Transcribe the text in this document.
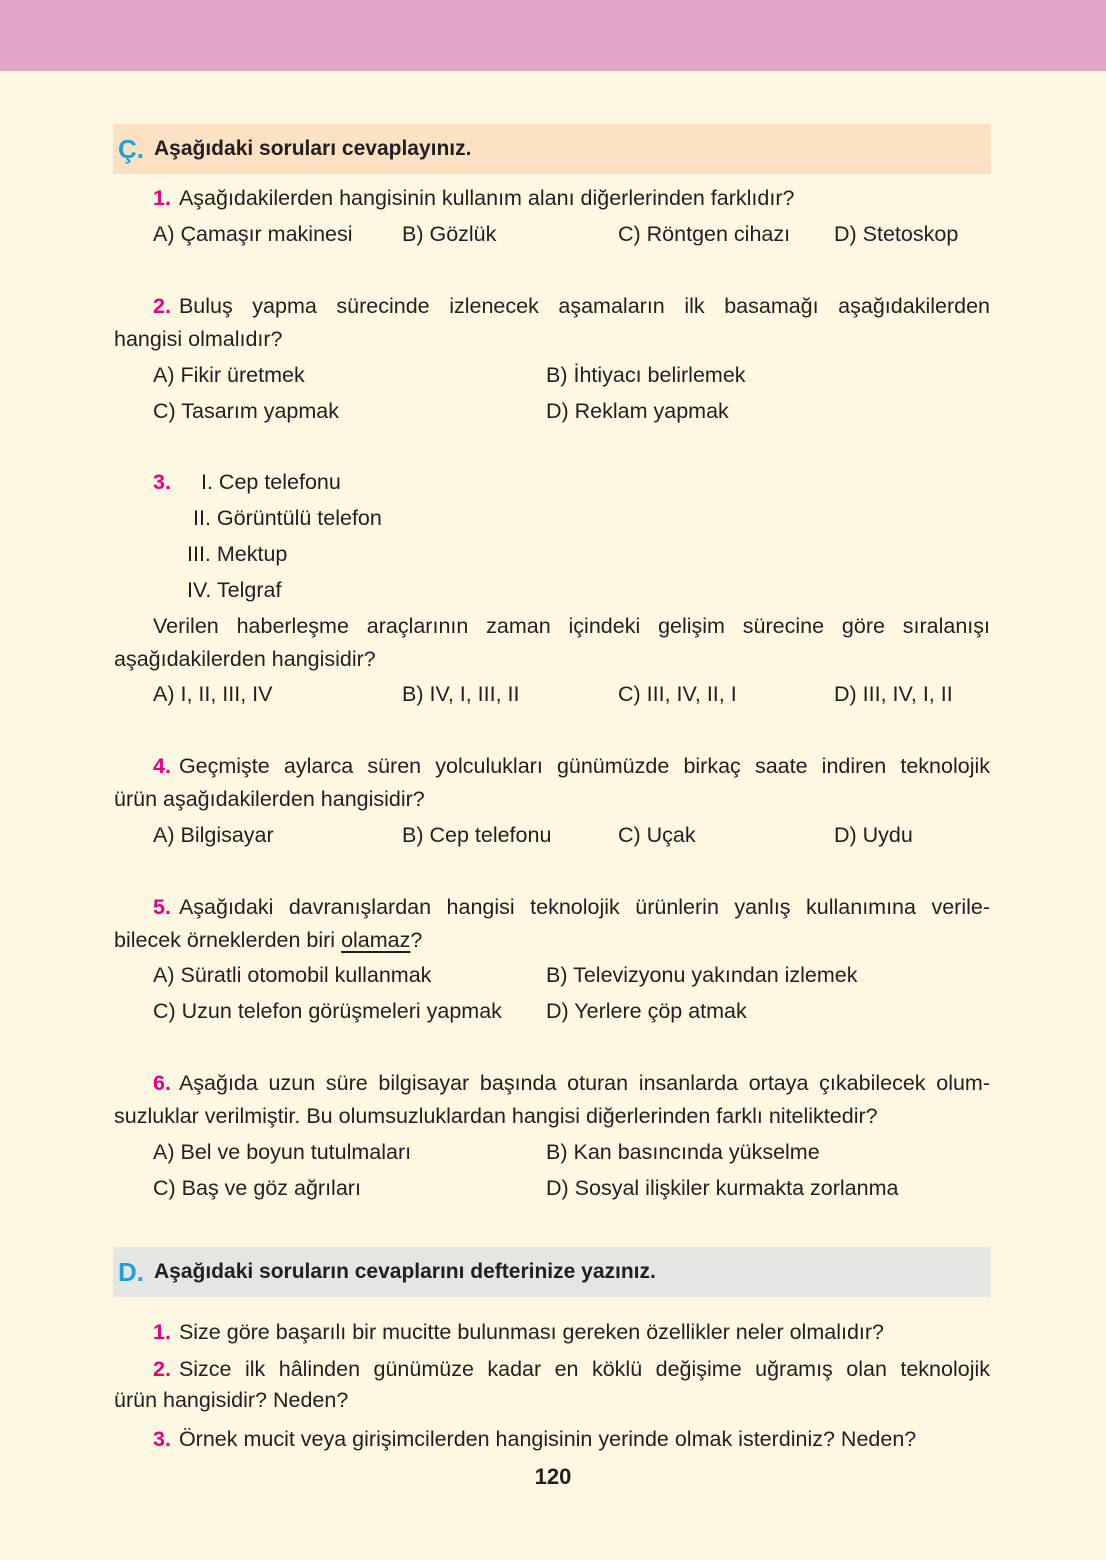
Ç. Aşağıdaki soruları cevaplayınız.
1. Aşağıdakilerden hangisinin kullanım alanı diğerlerinden farklıdır?
A) Çamaşır makinesi B) Gözlük	C) Röntgen cihazı D) Stetoskop
2. Buluş yapma sürecinde izlenecek aşamaların ilk basamağı aşağıdakilerden
hangisi olmalıdır?
A) Fikir üretmek	B) İhtiyacı belirlemek
C) Tasarım yapmak	D) Reklam yapmak
3.	I. Cep telefonu
II. Görüntülü telefon
III. Mektup
IV. Telgraf
Verilen haberleşme araçlarının zaman içindeki gelişim sürecine göre sıralanışı
aşağıdakilerden hangisidir?
A) I, II, III, IV	B) IV, I, III, II	C) III, IV, II, I	D) III, IV, I, II
4. Geçmişte aylarca süren yolculukları günümüzde birkaç saate indiren teknolojik
ürün aşağıdakilerden hangisidir?
A) Bilgisayar	B) Cep telefonu	C) Uçak	D) Uydu
5. Aşağıdaki davranışlardan hangisi teknolojik ürünlerin yanlış kullanımına verile-
bilecek örneklerden biri olamaz?
A) Süratli otomobil kullanmak	B) Televizyonu yakından izlemek
C) Uzun telefon görüşmeleri yapmak D) Yerlere çöp atmak
6. Aşağıda uzun süre bilgisayar başında oturan insanlarda ortaya çıkabilecek olum-
suzluklar verilmiştir. Bu olumsuzluklardan hangisi diğerlerinden farklı niteliktedir?
A) Bel ve boyun tutulmaları	B) Kan basıncında yükselme
C) Baş ve göz ağrıları	D) Sosyal ilişkiler kurmakta zorlanma
D. Aşağıdaki soruların cevaplarını defterinize yazınız.
1. Size göre başarılı bir mucitte bulunması gereken özellikler neler olmalıdır?
2. Sizce ilk hâlinden günümüze kadar en köklü değişime uğramış olan teknolojik
ürün hangisidir? Neden?
3. Örnek mucit veya girişimcilerden hangisinin yerinde olmak isterdiniz? Neden?
120
